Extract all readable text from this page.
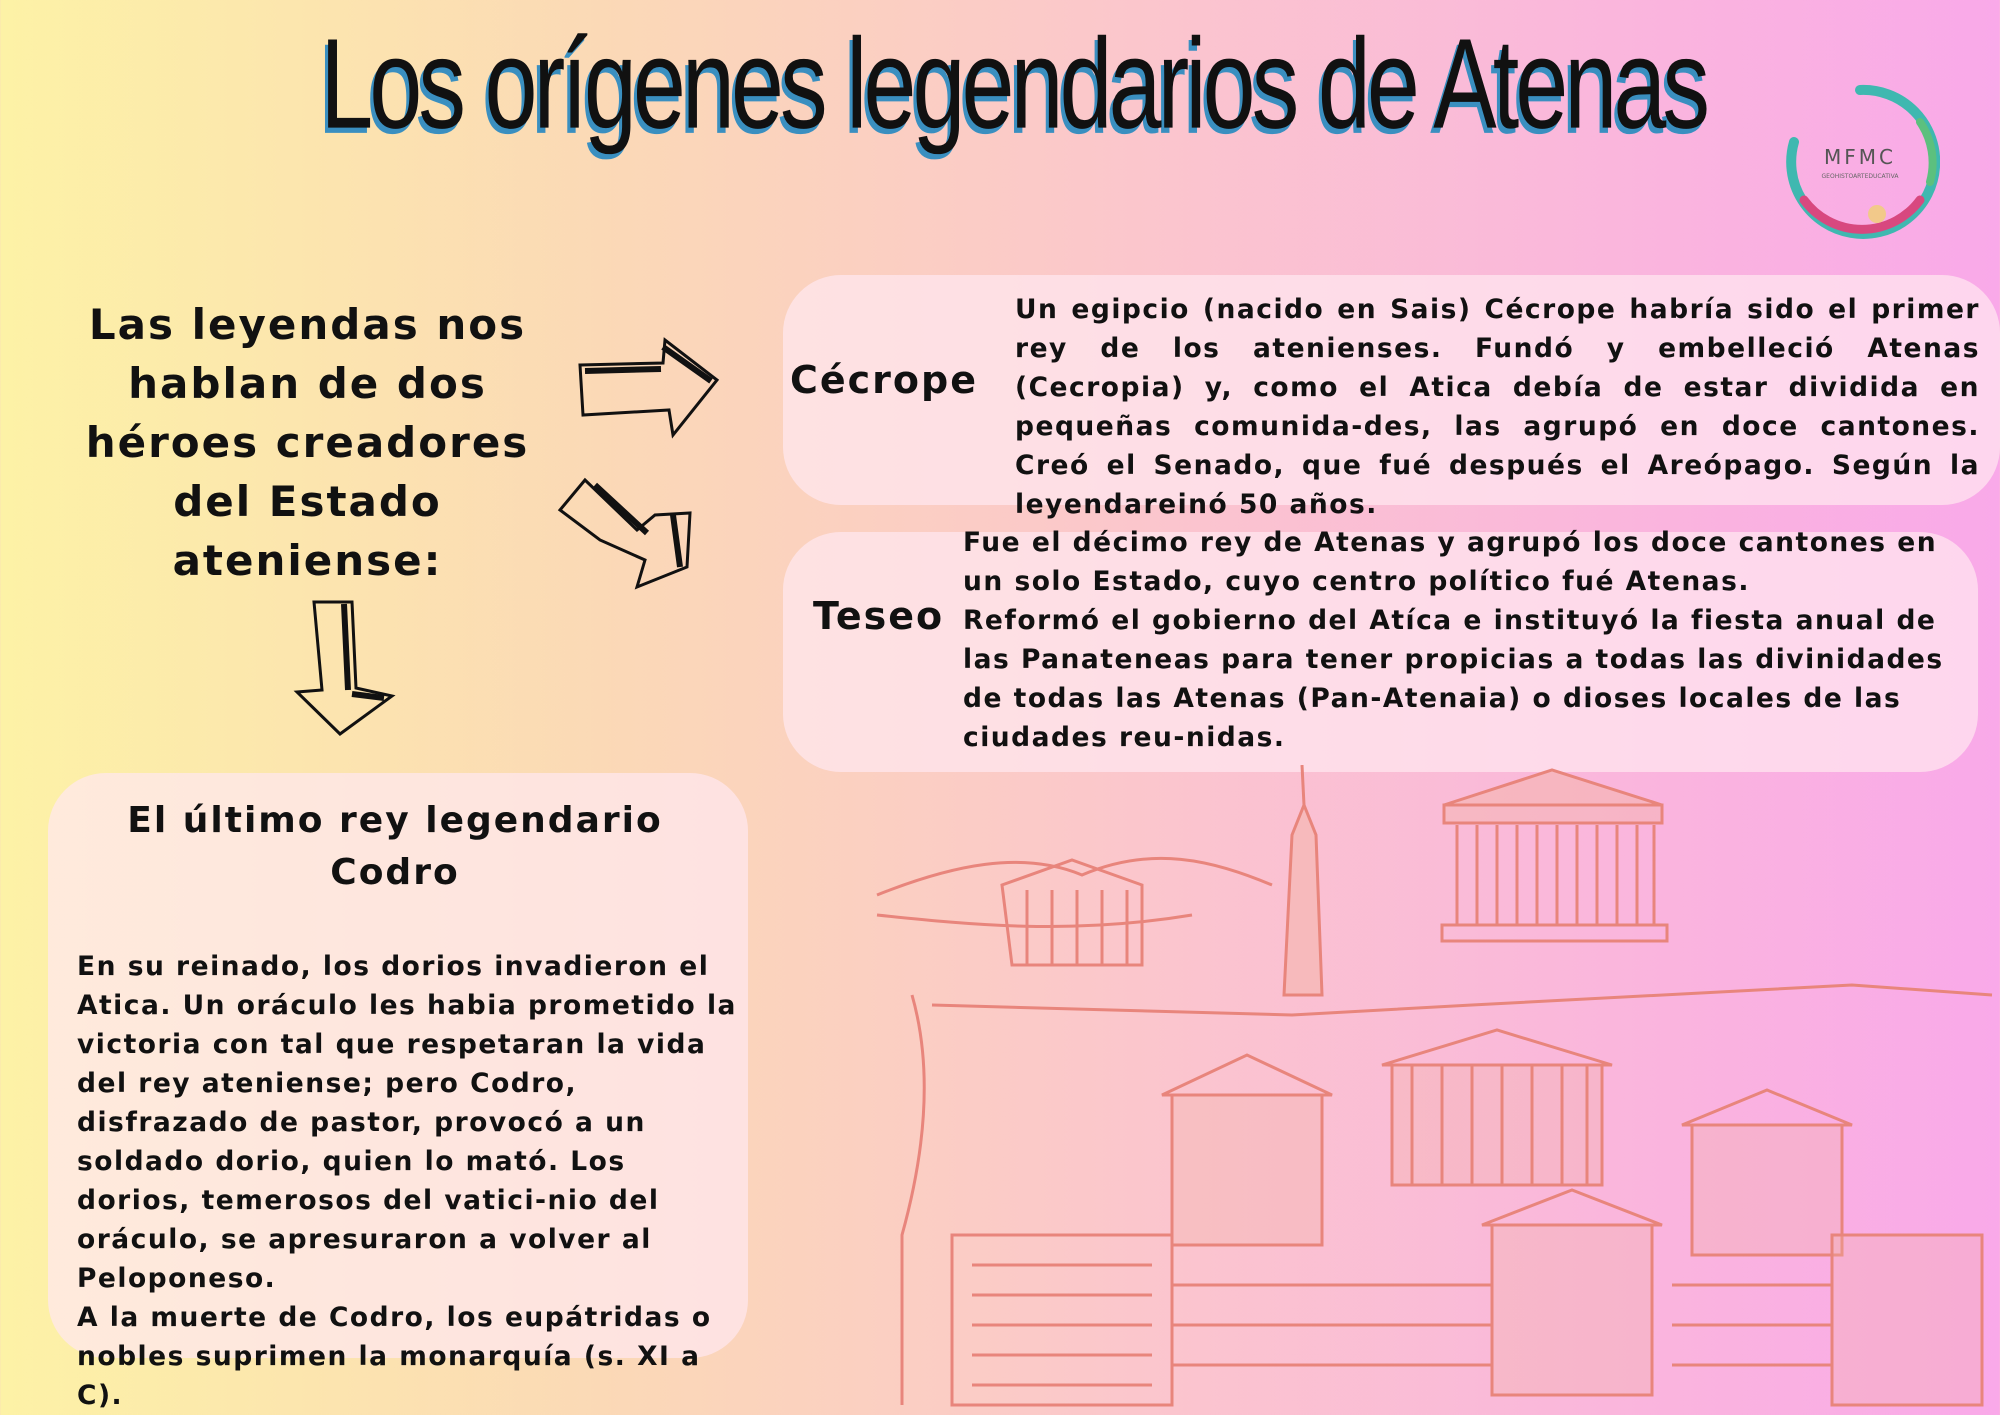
Los orígenes legendarios de Atenas
MFMC
GEOHISTOARTEDUCATIVA
Las leyendas nos hablan de dos héroes creadores del Estado ateniense:
Cécrope
Un egipcio (nacido en Sais) Cécrope habría sido el primer rey de los atenienses. Fundó y embelleció Atenas (Cecropia) y, como el Atica debía de estar dividida en pequeñas comunida-des, las agrupó en doce cantones. Creó el Senado, que fué después el Areópago. Según la leyendareinó 50 años.
Teseo
Fue el décimo rey de Atenas y agrupó los doce cantones en un solo Estado, cuyo centro político fué Atenas.
Reformó el gobierno del Atíca e instituyó la fiesta anual de las Panateneas para tener propicias a todas las divinidades de todas las Atenas (Pan-Atenaia) o dioses locales de las ciudades reu-nidas.
El último rey legendario
Codro
En su reinado, los dorios invadieron el Atica. Un oráculo les habia prometido la victoria con tal que respetaran la vida del rey ateniense; pero Codro, disfrazado de pastor, provocó a un soldado dorio, quien lo mató. Los dorios, temerosos del vatici-nio del oráculo, se apresuraron a volver al Peloponeso.
A la muerte de Codro, los eupátridas o nobles suprimen la monarquía (s. XI a C).
